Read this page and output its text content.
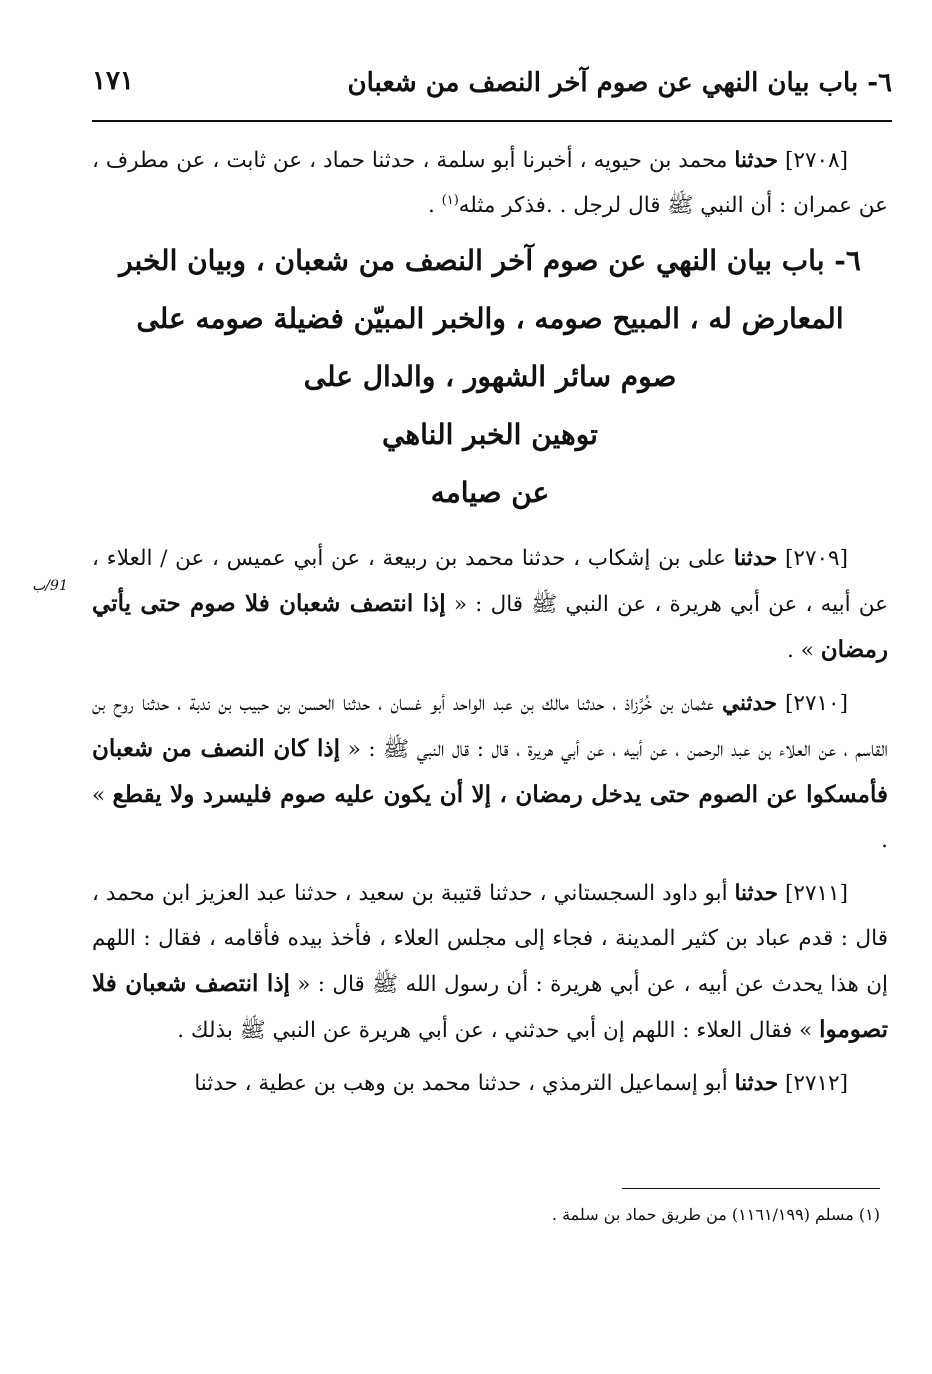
٦- باب بيان النهي عن صوم آخر النصف من شعبان
١٧١
91/ب

[٢٧٠٨] حدثنا محمد بن حيويه ، أخبرنا أبو سلمة ، حدثنا حماد ، عن ثابت ، عن مطرف ، عن عمران : أن النبي ﷺ قال لرجل . .فذكر مثله$^{(١)}$ .

٦- باب بيان النهي عن صوم آخر النصف من شعبان ، وبيان الخبر
المعارض له ، المبيح صومه ، والخبر المبيّن فضيلة صومه على
صوم سائر الشهور ، والدال على
توهين الخبر الناهي
عن صيامه

[٢٧٠٩] حدثنا على بن إشكاب ، حدثنا محمد بن ربيعة ، عن أبي عميس ، عن / العلاء ، عن أبيه ، عن أبي هريرة ، عن النبي ﷺ قال : « إذا انتصف شعبان فلا صوم حتى يأتي رمضان » .

[٢٧١٠] حدثني عثمان بن خُرَّزاذ ، حدثنا مالك بن عبد الواحد أبو غسان ، حدثنا الحسن بن حبيب بن ندبة ، حدثنا روح بن القاسم ، عن العلاء بن عبد الرحمن ، عن أبيه ، عن أبي هريرة ، قال : قال النبي ﷺ : « إذا كان النصف من شعبان فأمسكوا عن الصوم حتى يدخل رمضان ، إلا أن يكون عليه صوم فليسرد ولا يقطع » .

[٢٧١١] حدثنا أبو داود السجستاني ، حدثنا قتيبة بن سعيد ، حدثنا عبد العزيز ابن محمد ، قال : قدم عباد بن كثير المدينة ، فجاء إلى مجلس العلاء ، فأخذ بيده فأقامه ، فقال : اللهم إن هذا يحدث عن أبيه ، عن أبي هريرة : أن رسول الله ﷺ قال : « إذا انتصف شعبان فلا تصوموا » فقال العلاء : اللهم إن أبي حدثني ، عن أبي هريرة عن النبي ﷺ بذلك .

[٢٧١٢] حدثنا أبو إسماعيل الترمذي ، حدثنا محمد بن وهب بن عطية ، حدثنا

(١) مسلم (١١٦١/١٩٩) من طريق حماد بن سلمة .
